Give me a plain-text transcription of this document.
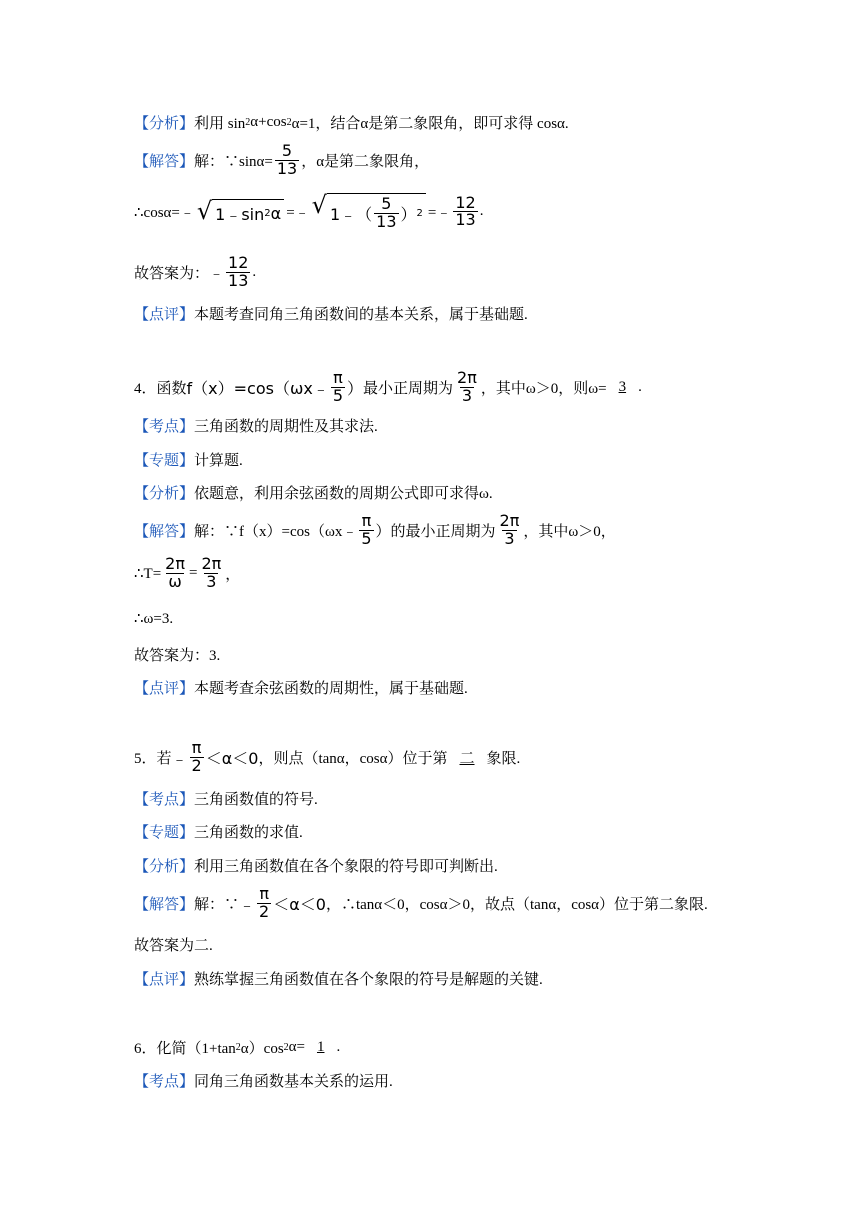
【分析】 利用 sin 2 α+cos 2 α=1，结合α是第二象限角，即可求得 cosα.
【解答】 解：∵sinα= $\frac{5}{13}$ ，α是第二象限角，
∴cosα=﹣ √ 1﹣sin 2 α =﹣ √ 1﹣（ $\frac{5}{13}$ ） 2 =﹣ $\frac{12}{13}$ .
故答案为：﹣ $\frac{12}{13}$ .
【点评】 本题考查同角三角函数间的基本关系，属于基础题.
4．函数 f（x）=cos（ωx﹣ $\frac{\pi}{5}$ ） 最小正周期为 $\frac{2\pi}{3}$ ，其中ω＞0，则ω= 3 .
【考点】 三角函数的周期性及其求法.
【专题】 计算题.
【分析】 依题意，利用余弦函数的周期公式即可求得ω.
【解答】 解：∵f（x）=cos（ωx﹣ $\frac{\pi}{5}$ ）的最小正周期为 $\frac{2\pi}{3}$ ，其中ω＞0，
∴T= $\frac{2\pi}{\omega} = \frac{2\pi}{3}$ ，
∴ω=3.
故答案为：3.
【点评】 本题考查余弦函数的周期性，属于基础题.
5．若 ﹣ $\frac{\pi}{2} <\alpha<0$ ，则点（tanα，cosα）位于第 二 象限.
【考点】 三角函数值的符号.
【专题】 三角函数的求值.
【分析】 利用三角函数值在各个象限的符号即可判断出.
【解答】 解：∵ ﹣ $\frac{\pi}{2} <\alpha<0$ ，∴tanα＜0，cosα＞0，故点（tanα，cosα）位于第二象限.
故答案为二.
【点评】 熟练掌握三角函数值在各个象限的符号是解题的关键.
6．化简（1+tan 2 α）cos 2 α= 1 .
【考点】 同角三角函数基本关系的运用.
